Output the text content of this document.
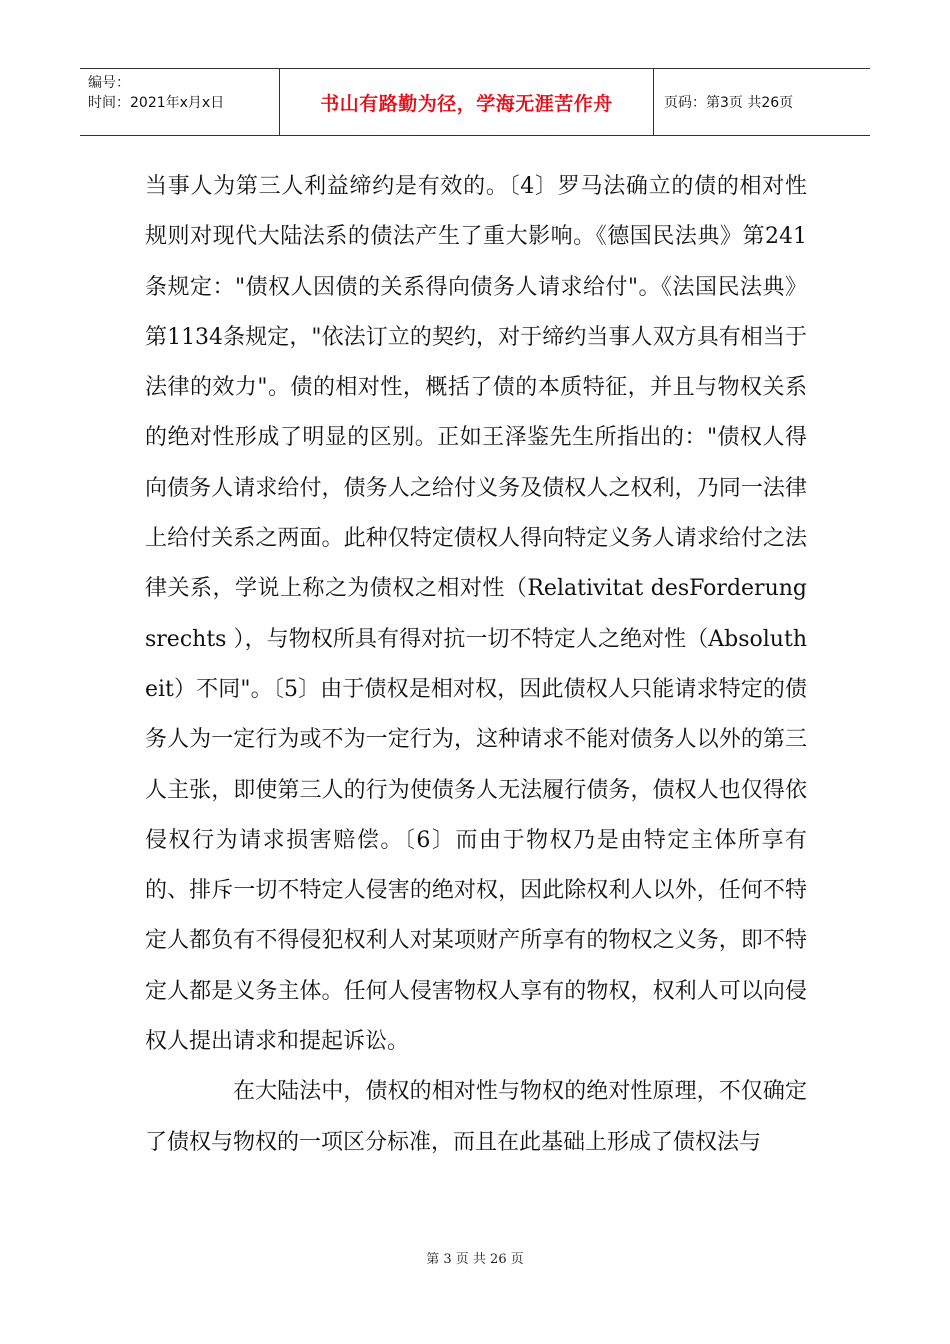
编号：
时间：2021年x月x日	书山有路勤为径，学海无涯苦作舟	页码：第3页 共26页

当事人为第三人利益缔约是有效的。〔4〕罗马法确立的债的相对性规则对现代大陆法系的债法产生了重大影响。《德国民法典》第241条规定："债权人因债的关系得向债务人请求给付"。《法国民法典》第1134条规定，"依法订立的契约，对于缔约当事人双方具有相当于法律的效力"。债的相对性，概括了债的本质特征，并且与物权关系的绝对性形成了明显的区别。正如王泽鉴先生所指出的："债权人得向债务人请求给付，债务人之给付义务及债权人之权利，乃同一法律上给付关系之两面。此种仅特定债权人得向特定义务人请求给付之法律关系，学说上称之为债权之相对性（Relativitat desForderungsrechts ），与物权所具有得对抗一切不特定人之绝对性（Absolutheit）不同"。〔5〕由于债权是相对权，因此债权人只能请求特定的债务人为一定行为或不为一定行为，这种请求不能对债务人以外的第三人主张，即使第三人的行为使债务人无法履行债务，债权人也仅得依侵权行为请求损害赔偿。〔6〕而由于物权乃是由特定主体所享有的、排斥一切不特定人侵害的绝对权，因此除权利人以外，任何不特定人都负有不得侵犯权利人对某项财产所享有的物权之义务，即不特定人都是义务主体。任何人侵害物权人享有的物权，权利人可以向侵权人提出请求和提起诉讼。

在大陆法中，债权的相对性与物权的绝对性原理，不仅确定了债权与物权的一项区分标准，而且在此基础上形成了债权法与

第 3 页 共 26 页
